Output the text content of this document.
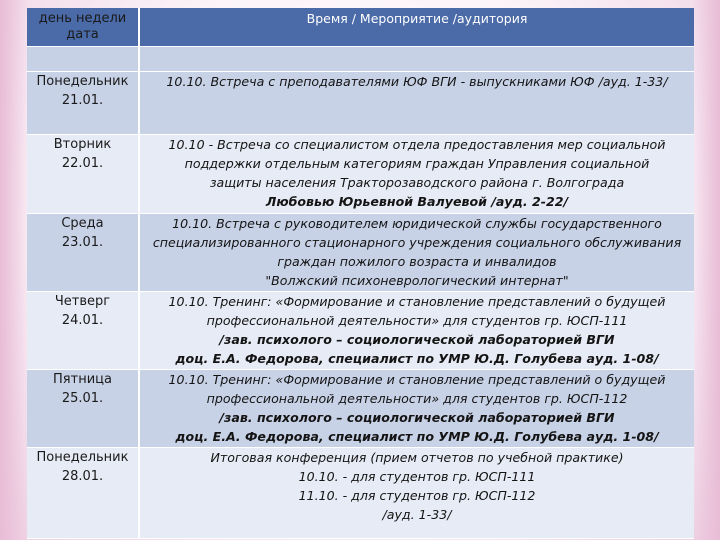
день недели
дата	Время / Мероприятие /аудитория

Понедельник
21.01.	10.10. Встреча с преподавателями ЮФ ВГИ - выпускниками ЮФ /ауд. 1-33/

Вторник
22.01.	10.10 - Встреча со специалистом отдела предоставления мер социальной
поддержки отдельным категориям граждан Управления социальной
защиты населения Тракторозаводского района г. Волгограда
Любовью Юрьевной Валуевой /ауд. 2-22/

Среда
23.01.	10.10. Встреча с руководителем юридической службы государственного
специализированного стационарного учреждения социального обслуживания
граждан пожилого возраста и инвалидов
"Волжский психоневрологический интернат"

Четверг
24.01.	10.10. Тренинг: «Формирование и становление представлений о будущей
профессиональной деятельности» для студентов гр. ЮСП-111
/зав. психолого – социологической лабораторией ВГИ
доц. Е.А. Федорова, специалист по УМР Ю.Д. Голубева ауд. 1-08/

Пятница
25.01.	10.10. Тренинг: «Формирование и становление представлений о будущей
профессиональной деятельности» для студентов гр. ЮСП-112
/зав. психолого – социологической лабораторией ВГИ
доц. Е.А. Федорова, специалист по УМР Ю.Д. Голубева ауд. 1-08/

Понедельник
28.01.	Итоговая конференция (прием отчетов по учебной практике)
10.10. - для студентов гр. ЮСП-111
11.10. - для студентов гр. ЮСП-112
/ауд. 1-33/
